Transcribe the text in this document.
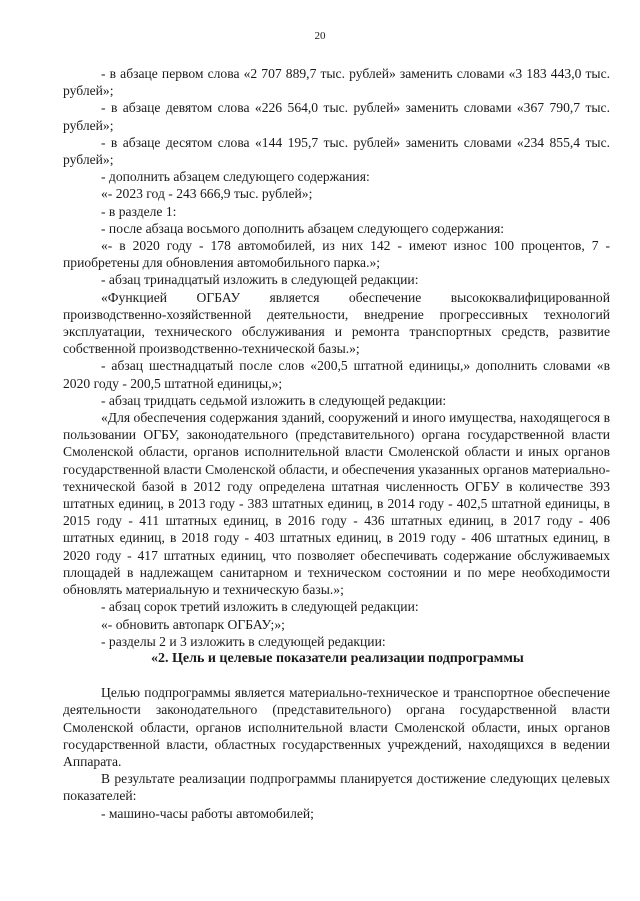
20

- в абзаце первом слова «2 707 889,7 тыс. рублей» заменить словами «3 183 443,0 тыс. рублей»;

- в абзаце девятом слова «226 564,0 тыс. рублей» заменить словами «367 790,7 тыс. рублей»;

- в абзаце десятом слова «144 195,7 тыс. рублей» заменить словами «234 855,4 тыс. рублей»;

- дополнить абзацем следующего содержания:

«- 2023 год - 243 666,9 тыс. рублей»;

- в разделе 1:

- после абзаца восьмого дополнить абзацем следующего содержания:

«- в 2020 году - 178 автомобилей, из них 142 - имеют износ 100 процентов, 7 - приобретены для обновления автомобильного парка.»;

- абзац тринадцатый изложить в следующей редакции:

«Функцией ОГБАУ является обеспечение высококвалифицированной производственно-хозяйственной деятельности, внедрение прогрессивных технологий эксплуатации, технического обслуживания и ремонта транспортных средств, развитие собственной производственно-технической базы.»;

- абзац шестнадцатый после слов «200,5 штатной единицы,» дополнить словами «в 2020 году - 200,5 штатной единицы,»;

- абзац тридцать седьмой изложить в следующей редакции:

«Для обеспечения содержания зданий, сооружений и иного имущества, находящегося в пользовании ОГБУ, законодательного (представительного) органа государственной власти Смоленской области, органов исполнительной власти Смоленской области и иных органов государственной власти Смоленской области, и обеспечения указанных органов материально-технической базой в 2012 году определена штатная численность ОГБУ в количестве 393 штатных единиц, в 2013 году - 383 штатных единиц, в 2014 году - 402,5 штатной единицы, в 2015 году - 411 штатных единиц, в 2016 году - 436 штатных единиц, в 2017 году - 406 штатных единиц, в 2018 году - 403 штатных единиц, в 2019 году - 406 штатных единиц, в 2020 году - 417 штатных единиц, что позволяет обеспечивать содержание обслуживаемых площадей в надлежащем санитарном и техническом состоянии и по мере необходимости обновлять материальную и техническую базы.»;

- абзац сорок третий изложить в следующей редакции:

«- обновить автопарк ОГБАУ;»;

- разделы 2 и 3 изложить в следующей редакции:

«2. Цель и целевые показатели реализации подпрограммы

Целью подпрограммы является материально-техническое и транспортное обеспечение деятельности законодательного (представительного) органа государственной власти Смоленской области, органов исполнительной власти Смоленской области, иных органов государственной власти, областных государственных учреждений, находящихся в ведении Аппарата.

В результате реализации подпрограммы планируется достижение следующих целевых показателей:

- машино-часы работы автомобилей;
